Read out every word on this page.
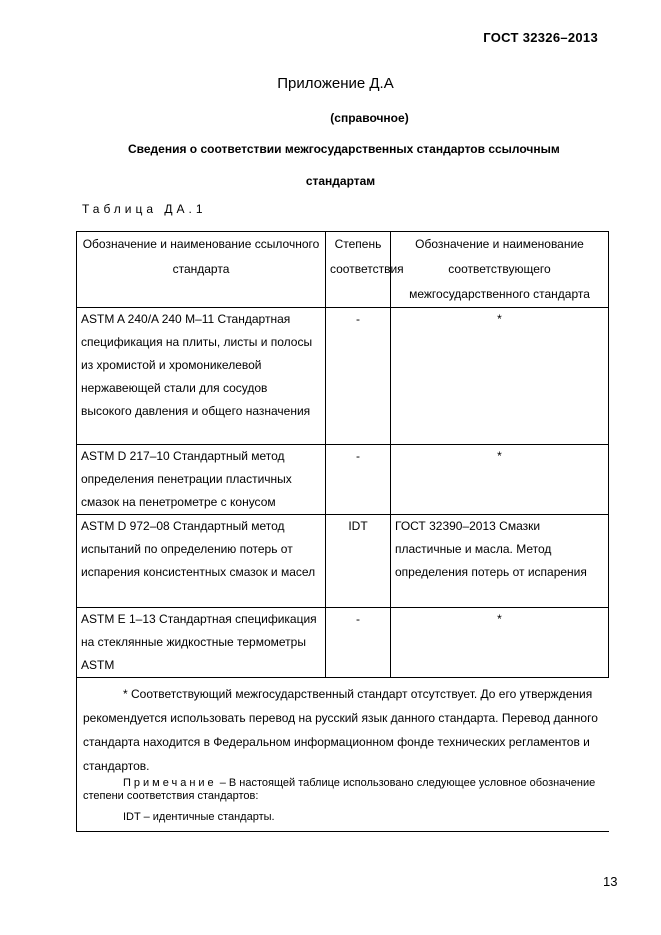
ГОСТ 32326–2013
Приложение Д.А
(справочное)
Сведения о соответствии межгосударственных стандартов ссылочным
стандартам
Таблица ДА.1
Обозначение и наименование ссылочного стандарта	Степень соответствия	Обозначение и наименование соответствующего межгосударственного стандарта
ASTM A 240/A 240 M–11 Стандартная спецификация на плиты, листы и полосы из хромистой и хромоникелевой нержавеющей стали для сосудов высокого давления и общего назначения	-	*
ASTM D 217–10 Стандартный метод определения пенетрации пластичных смазок на пенетрометре с конусом	-	*
ASTM D 972–08 Стандартный метод испытаний по определению потерь от испарения консистентных смазок и масел	IDT	ГОСТ 32390–2013 Смазки пластичные и масла. Метод определения потерь от испарения
ASTM E 1–13 Стандартная спецификация на стеклянные жидкостные термометры ASTM	-	*
* Соответствующий межгосударственный стандарт отсутствует. До его утверждения рекомендуется использовать перевод на русский язык данного стандарта. Перевод данного стандарта находится в Федеральном информационном фонде технических регламентов и стандартов.
Примечание – В настоящей таблице использовано следующее условное обозначение степени соответствия стандартов:
IDT – идентичные стандарты.
13
